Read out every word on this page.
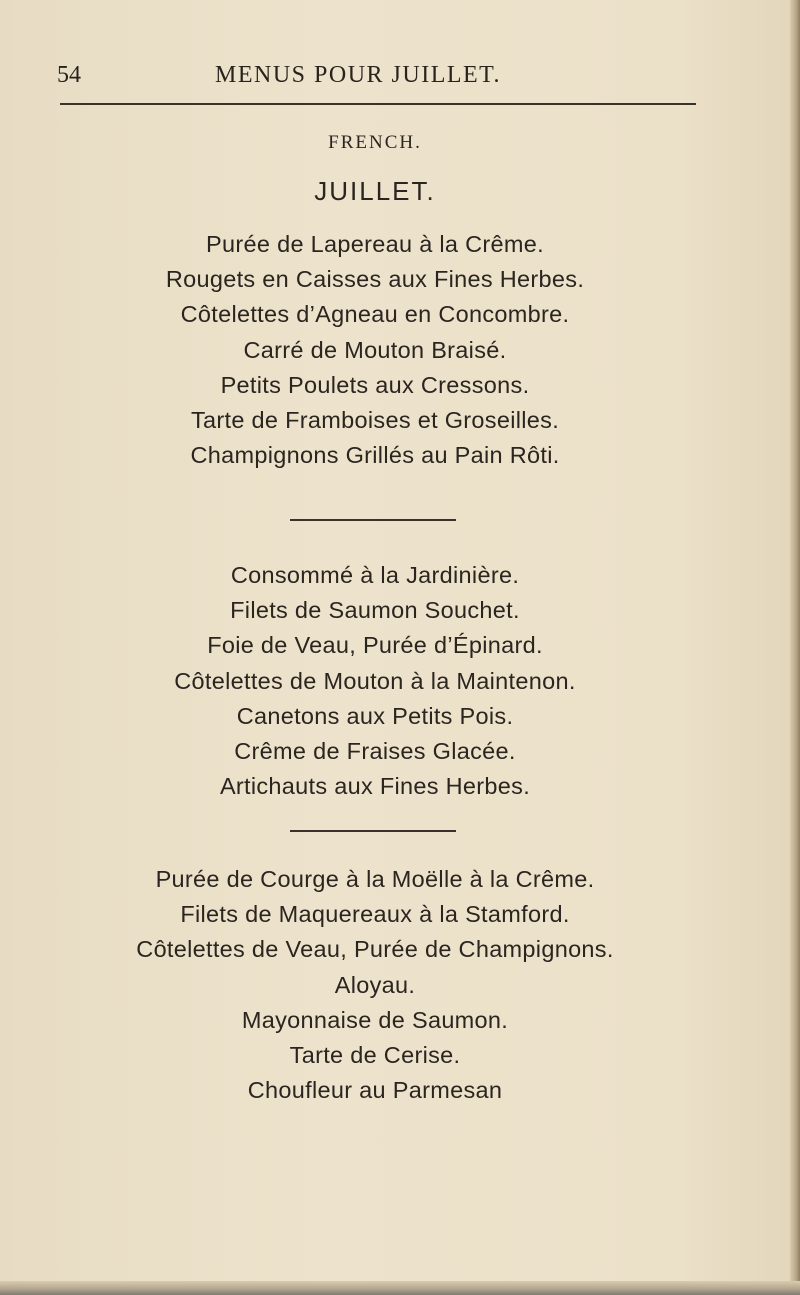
54	MENUS POUR JUILLET.

FRENCH.

JUILLET.
Purée de Lapereau à la Crême.
Rougets en Caisses aux Fines Herbes.
Côtelettes d’Agneau en Concombre.
Carré de Mouton Braisé.
Petits Poulets aux Cressons.
Tarte de Framboises et Groseilles.
Champignons Grillés au Pain Rôti.
Consommé à la Jardinière.
Filets de Saumon Souchet.
Foie de Veau, Purée d’Épinard.
Côtelettes de Mouton à la Maintenon.
Canetons aux Petits Pois.
Crême de Fraises Glacée.
Artichauts aux Fines Herbes.
Purée de Courge à la Moëlle à la Crême.
Filets de Maquereaux à la Stamford.
Côtelettes de Veau, Purée de Champignons.
Aloyau.
Mayonnaise de Saumon.
Tarte de Cerise.
Choufleur au Parmesan
